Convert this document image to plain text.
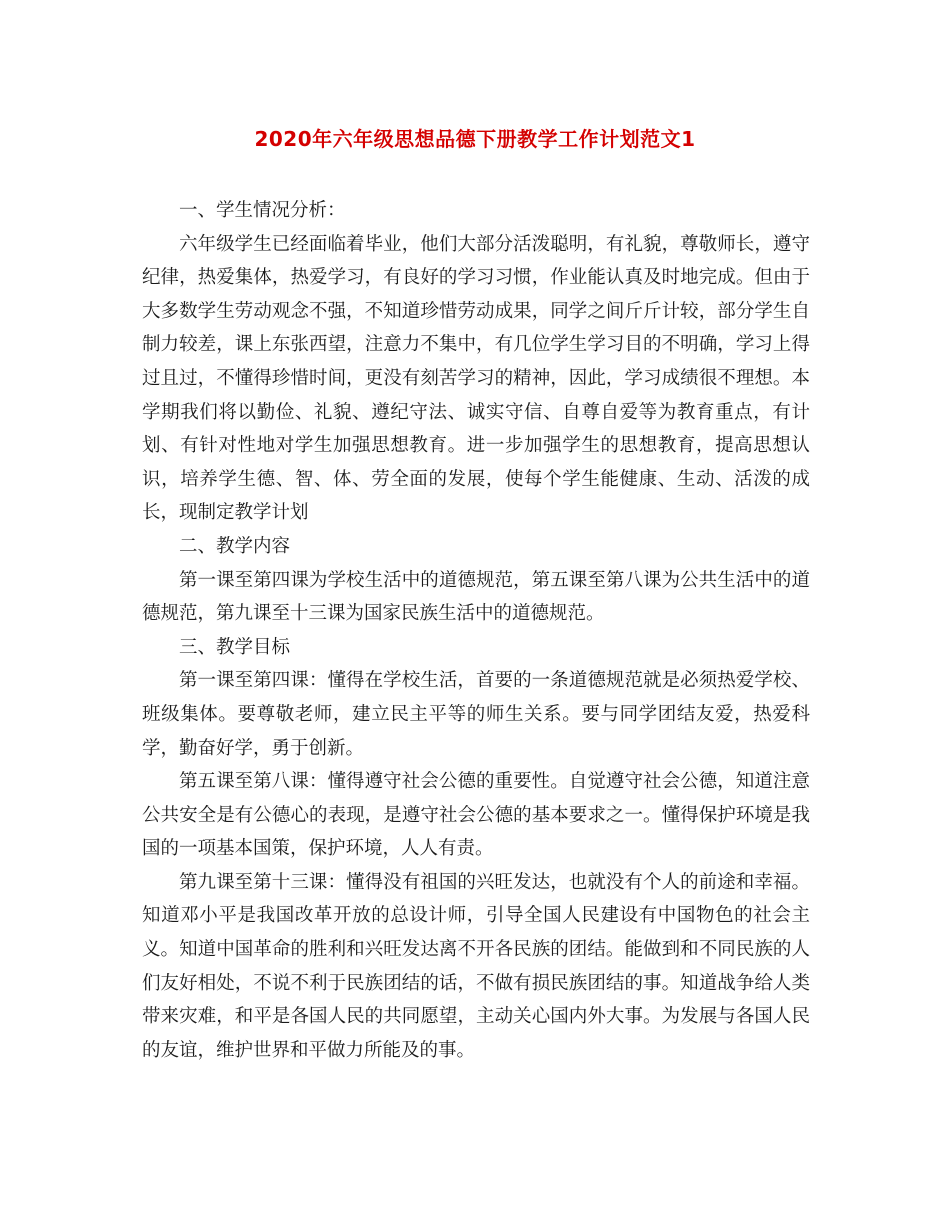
2020年六年级思想品德下册教学工作计划范文1

一、学生情况分析：

六年级学生已经面临着毕业，他们大部分活泼聪明，有礼貌，尊敬师长，遵守纪律，热爱集体，热爱学习，有良好的学习习惯，作业能认真及时地完成。但由于大多数学生劳动观念不强，不知道珍惜劳动成果，同学之间斤斤计较，部分学生自制力较差，课上东张西望，注意力不集中，有几位学生学习目的不明确，学习上得过且过，不懂得珍惜时间，更没有刻苦学习的精神，因此，学习成绩很不理想。本学期我们将以勤俭、礼貌、遵纪守法、诚实守信、自尊自爱等为教育重点，有计划、有针对性地对学生加强思想教育。进一步加强学生的思想教育，提高思想认识，培养学生德、智、体、劳全面的发展，使每个学生能健康、生动、活泼的成长，现制定教学计划

二、教学内容

第一课至第四课为学校生活中的道德规范，第五课至第八课为公共生活中的道德规范，第九课至十三课为国家民族生活中的道德规范。

三、教学目标

第一课至第四课：懂得在学校生活，首要的一条道德规范就是必须热爱学校、班级集体。要尊敬老师，建立民主平等的师生关系。要与同学团结友爱，热爱科学，勤奋好学，勇于创新。

第五课至第八课：懂得遵守社会公德的重要性。自觉遵守社会公德，知道注意公共安全是有公德心的表现，是遵守社会公德的基本要求之一。懂得保护环境是我国的一项基本国策，保护环境，人人有责。

第九课至第十三课：懂得没有祖国的兴旺发达，也就没有个人的前途和幸福。知道邓小平是我国改革开放的总设计师，引导全国人民建设有中国物色的社会主义。知道中国革命的胜利和兴旺发达离不开各民族的团结。能做到和不同民族的人们友好相处，不说不利于民族团结的话，不做有损民族团结的事。知道战争给人类带来灾难，和平是各国人民的共同愿望，主动关心国内外大事。为发展与各国人民的友谊，维护世界和平做力所能及的事。
